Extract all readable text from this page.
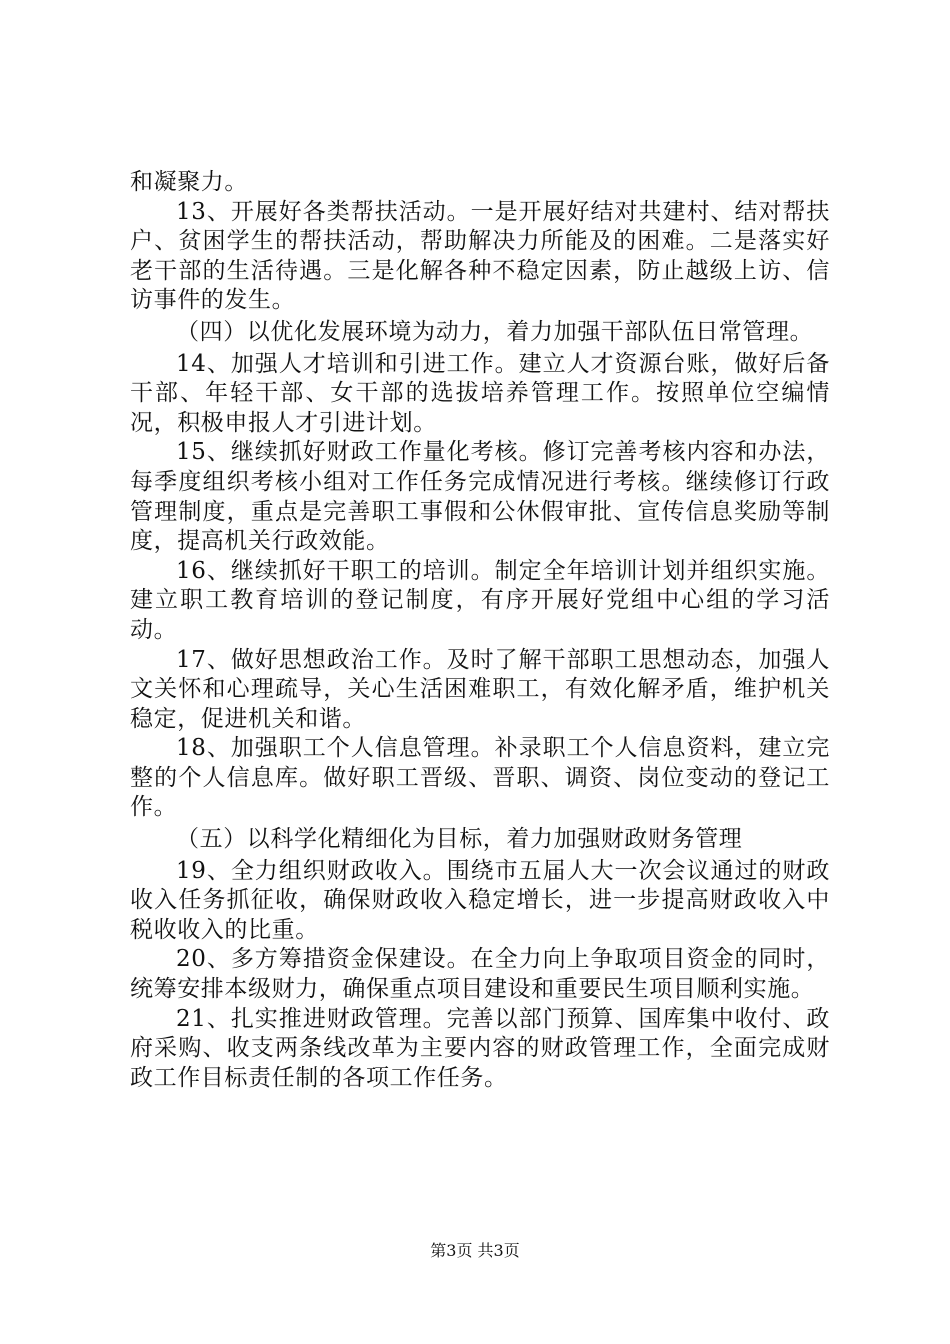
和凝聚力。

13、开展好各类帮扶活动。一是开展好结对共建村、结对帮扶户、贫困学生的帮扶活动，帮助解决力所能及的困难。二是落实好老干部的生活待遇。三是化解各种不稳定因素，防止越级上访、信访事件的发生。

（四）以优化发展环境为动力，着力加强干部队伍日常管理。

14、加强人才培训和引进工作。建立人才资源台账，做好后备干部、年轻干部、女干部的选拔培养管理工作。按照单位空编情况，积极申报人才引进计划。

15、继续抓好财政工作量化考核。修订完善考核内容和办法，每季度组织考核小组对工作任务完成情况进行考核。继续修订行政管理制度，重点是完善职工事假和公休假审批、宣传信息奖励等制度，提高机关行政效能。

16、继续抓好干职工的培训。制定全年培训计划并组织实施。建立职工教育培训的登记制度，有序开展好党组中心组的学习活动。

17、做好思想政治工作。及时了解干部职工思想动态，加强人文关怀和心理疏导，关心生活困难职工，有效化解矛盾，维护机关稳定，促进机关和谐。

18、加强职工个人信息管理。补录职工个人信息资料，建立完整的个人信息库。做好职工晋级、晋职、调资、岗位变动的登记工作。

（五）以科学化精细化为目标，着力加强财政财务管理

19、全力组织财政收入。围绕市五届人大一次会议通过的财政收入任务抓征收，确保财政收入稳定增长，进一步提高财政收入中税收收入的比重。

20、多方筹措资金保建设。在全力向上争取项目资金的同时，统筹安排本级财力，确保重点项目建设和重要民生项目顺利实施。

21、扎实推进财政管理。完善以部门预算、国库集中收付、政府采购、收支两条线改革为主要内容的财政管理工作，全面完成财政工作目标责任制的各项工作任务。

第3页 共3页
